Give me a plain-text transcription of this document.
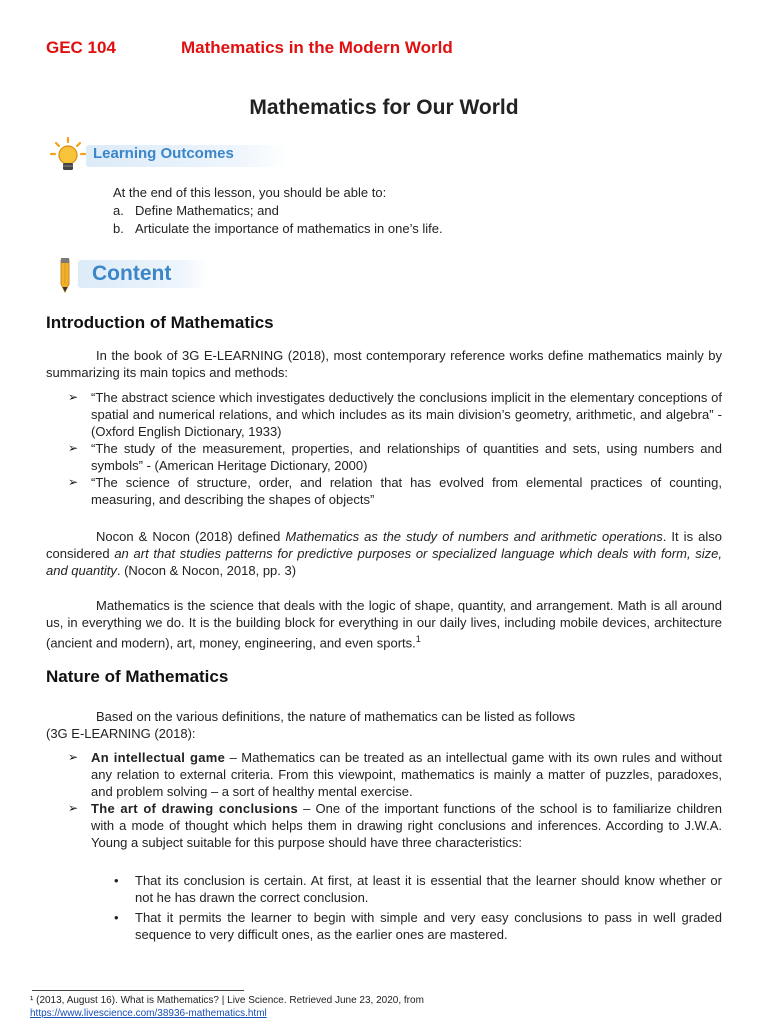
GEC 104	Mathematics in the Modern World
Mathematics for Our World
Learning Outcomes
At the end of this lesson, you should be able to:
a. Define Mathematics; and
b. Articulate the importance of mathematics in one’s life.
Content
Introduction of Mathematics
In the book of 3G E-LEARNING (2018), most contemporary reference works define mathematics mainly by summarizing its main topics and methods:
➢ “The abstract science which investigates deductively the conclusions implicit in the elementary conceptions of spatial and numerical relations, and which includes as its main division’s geometry, arithmetic, and algebra” - (Oxford English Dictionary, 1933)
➢ “The study of the measurement, properties, and relationships of quantities and sets, using numbers and symbols” - (American Heritage Dictionary, 2000)
➢ “The science of structure, order, and relation that has evolved from elemental practices of counting, measuring, and describing the shapes of objects”
Nocon & Nocon (2018) defined Mathematics as the study of numbers and arithmetic operations. It is also considered an art that studies patterns for predictive purposes or specialized language which deals with form, size, and quantity. (Nocon & Nocon, 2018, pp. 3)
Mathematics is the science that deals with the logic of shape, quantity, and arrangement. Math is all around us, in everything we do. It is the building block for everything in our daily lives, including mobile devices, architecture (ancient and modern), art, money, engineering, and even sports.$^1$
Nature of Mathematics
Based on the various definitions, the nature of mathematics can be listed as follows
(3G E-LEARNING (2018):
➢ An intellectual game – Mathematics can be treated as an intellectual game with its own rules and without any relation to external criteria. From this viewpoint, mathematics is mainly a matter of puzzles, paradoxes, and problem solving – a sort of healthy mental exercise.
➢ The art of drawing conclusions – One of the important functions of the school is to familiarize children with a mode of thought which helps them in drawing right conclusions and inferences. According to J.W.A. Young a subject suitable for this purpose should have three characteristics:
• That its conclusion is certain. At first, at least it is essential that the learner should know whether or not he has drawn the correct conclusion.
• That it permits the learner to begin with simple and very easy conclusions to pass in well graded sequence to very difficult ones, as the earlier ones are mastered.
¹ (2013, August 16). What is Mathematics? | Live Science. Retrieved June 23, 2020, from
https://www.livescience.com/38936-mathematics.html
